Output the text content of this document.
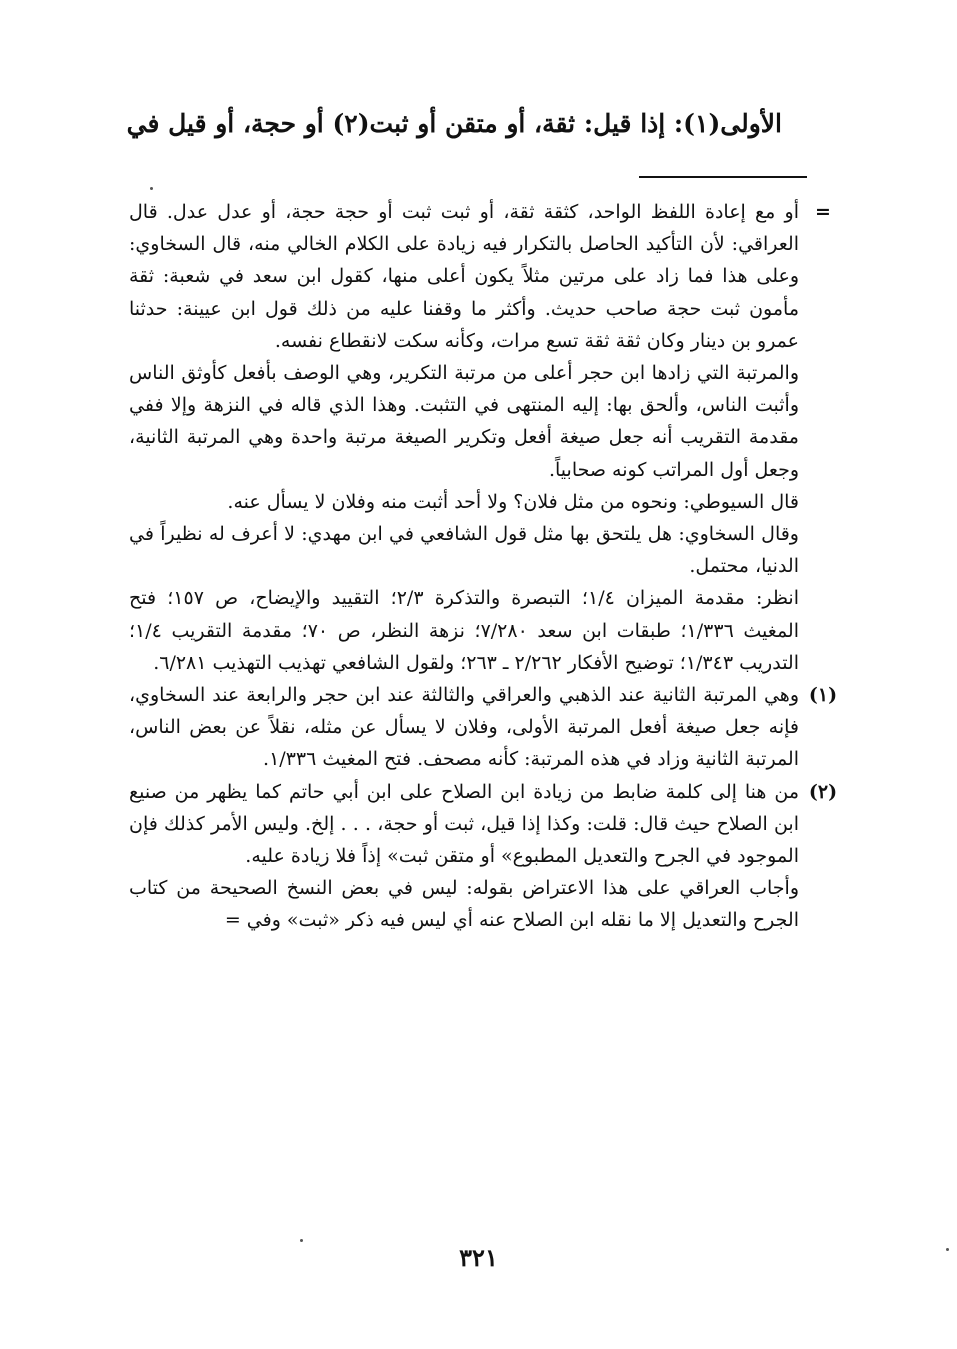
الأولى(١): إذا قيل: ثقة، أو متقن أو ثبت(٢) أو حجة، أو قيل في

=

أو مع إعادة اللفظ الواحد، كثقة ثقة، أو ثبت ثبت أو حجة حجة، أو عدل عدل. قال العراقي: لأن التأكيد الحاصل بالتكرار فيه زيادة على الكلام الخالي منه، قال السخاوي: وعلى هذا فما زاد على مرتين مثلاً يكون أعلى منها، كقول ابن سعد في شعبة: ثقة مأمون ثبت حجة صاحب حديث. وأكثر ما وقفنا عليه من ذلك قول ابن عيينة: حدثنا عمرو بن دينار وكان ثقة ثقة تسع مرات، وكأنه سكت لانقطاع نفسه.

والمرتبة التي زادها ابن حجر أعلى من مرتبة التكرير، وهي الوصف بأفعل كأوثق الناس وأثبت الناس، وألحق بها: إليه المنتهى في التثبت. وهذا الذي قاله في النزهة وإلا ففي مقدمة التقريب أنه جعل صيغة أفعل وتكرير الصيغة مرتبة واحدة وهي المرتبة الثانية، وجعل أول المراتب كونه صحابياً.

قال السيوطي: ونحوه من مثل فلان؟ ولا أحد أثبت منه وفلان لا يسأل عنه.

وقال السخاوي: هل يلتحق بها مثل قول الشافعي في ابن مهدي: لا أعرف له نظيراً في الدنيا، محتمل.

انظر: مقدمة الميزان ١/٤؛ التبصرة والتذكرة ٢/٣؛ التقييد والإيضاح، ص ١٥٧؛ فتح المغيث ١/٣٣٦؛ طبقات ابن سعد ٧/٢٨٠؛ نزهة النظر، ص ٧٠؛ مقدمة التقريب ١/٤؛ التدريب ١/٣٤٣؛ توضيح الأفكار ٢/٢٦٢ ـ ٢٦٣؛ ولقول الشافعي تهذيب التهذيب ٦/٢٨١.

(١)

وهي المرتبة الثانية عند الذهبي والعراقي والثالثة عند ابن حجر والرابعة عند السخاوي، فإنه جعل صيغة أفعل المرتبة الأولى، وفلان لا يسأل عن مثله، نقلاً عن بعض الناس، المرتبة الثانية وزاد في هذه المرتبة: كأنه مصحف. فتح المغيث ١/٣٣٦.

(٢)

من هنا إلى كلمة ضابط من زيادة ابن الصلاح على ابن أبي حاتم كما يظهر من صنيع ابن الصلاح حيث قال: قلت: وكذا إذا قيل، ثبت أو حجة، . . . إلخ. وليس الأمر كذلك فإن الموجود في الجرح والتعديل المطبوع» أو متقن ثبت» إذاً فلا زيادة عليه.

وأجاب العراقي على هذا الاعتراض بقوله: ليس في بعض النسخ الصحيحة من كتاب الجرح والتعديل إلا ما نقله ابن الصلاح عنه أي ليس فيه ذكر «ثبت» وفي =

٣٢١
